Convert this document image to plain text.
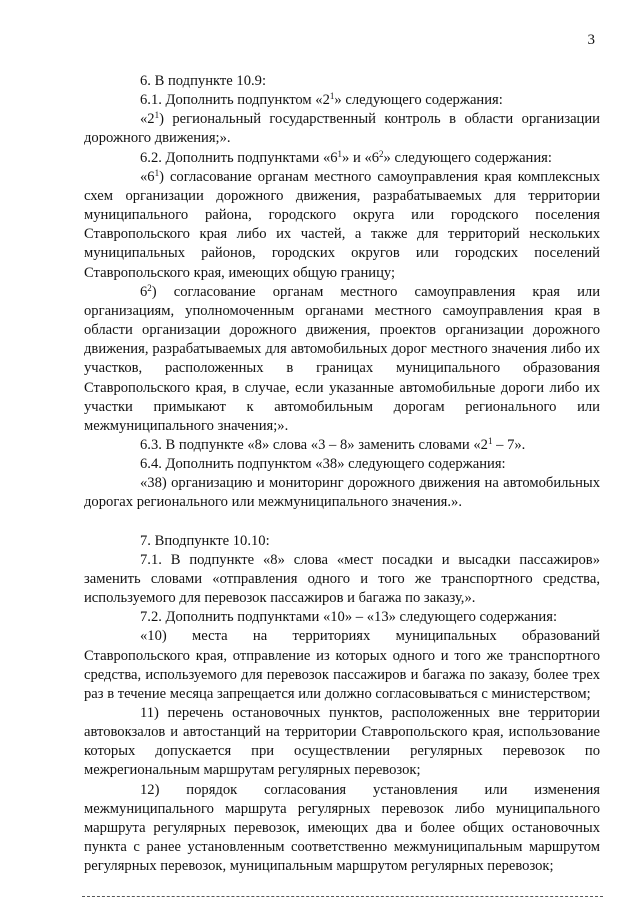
3

6. В подпункте 10.9:

6.1. Дополнить подпунктом «$2^1$» следующего содержания:

«$2^1$) региональный государственный контроль в области организации дорожного движения;».

6.2. Дополнить подпунктами «$6^1$» и «$6^2$» следующего содержания:

«$6^1$) согласование органам местного самоуправления края комплексных схем организации дорожного движения, разрабатываемых для территории муниципального района, городского округа или городского поселения Ставропольского края либо их частей, а также для территорий нескольких муниципальных районов, городских округов или городских поселений Ставропольского края, имеющих общую границу;

$6^2$) согласование органам местного самоуправления края или организациям, уполномоченным органами местного самоуправления края в области организации дорожного движения, проектов организации дорожного движения, разрабатываемых для автомобильных дорог местного значения либо их участков, расположенных в границах муниципального образования Ставропольского края, в случае, если указанные автомобильные дороги либо их участки примыкают к автомобильным дорогам регионального или межмуниципального значения;».

6.3. В подпункте «8» слова «3 – 8» заменить словами «$2^1 - 7$».

6.4. Дополнить подпунктом «38» следующего содержания:

«38) организацию и мониторинг дорожного движения на автомобильных дорогах регионального или межмуниципального значения.».

7. Вподпункте 10.10:

7.1. В подпункте «8» слова «мест посадки и высадки пассажиров» заменить словами «отправления одного и того же транспортного средства, используемого для перевозок пассажиров и багажа по заказу,».

7.2. Дополнить подпунктами «10» – «13» следующего содержания:

«10) места на территориях муниципальных образований Ставропольского края, отправление из которых одного и того же транспортного средства, используемого для перевозок пассажиров и багажа по заказу, более трех раз в течение месяца запрещается или должно согласовываться с министерством;

11) перечень остановочных пунктов, расположенных вне территории автовокзалов и автостанций на территории Ставропольского края, использование которых допускается при осуществлении регулярных перевозок по межрегиональным маршрутам регулярных перевозок;

12) порядок согласования установления или изменения межмуниципального маршрута регулярных перевозок либо муниципального маршрута регулярных перевозок, имеющих два и более общих остановочных пункта с ранее установленным соответственно межмуниципальным маршрутом регулярных перевозок, муниципальным маршрутом регулярных перевозок;
